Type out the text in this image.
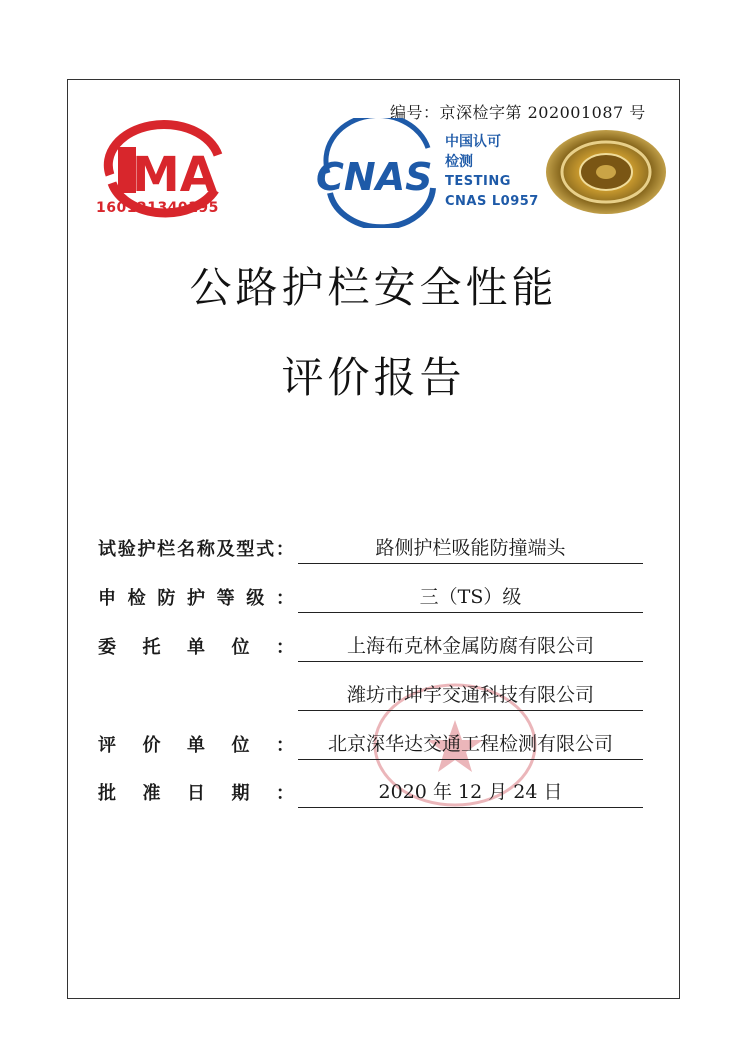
编号：京深检字第 202001087 号
MA
160121340195
CNAS
中国认可
检测
TESTING
CNAS L0957
公路护栏安全性能
评价报告
试 验 护 栏 名 称 及 型 式 ：	路侧护栏吸能防撞端头
申 检 防 护 等 级 ：	三（TS）级
委 托 单 位 ：	上海布克林金属防腐有限公司
潍坊市坤宇交通科技有限公司
评 价 单 位 ：	北京深华达交通工程检测有限公司
批 准 日 期 ：	2020 年 12 月 24 日
